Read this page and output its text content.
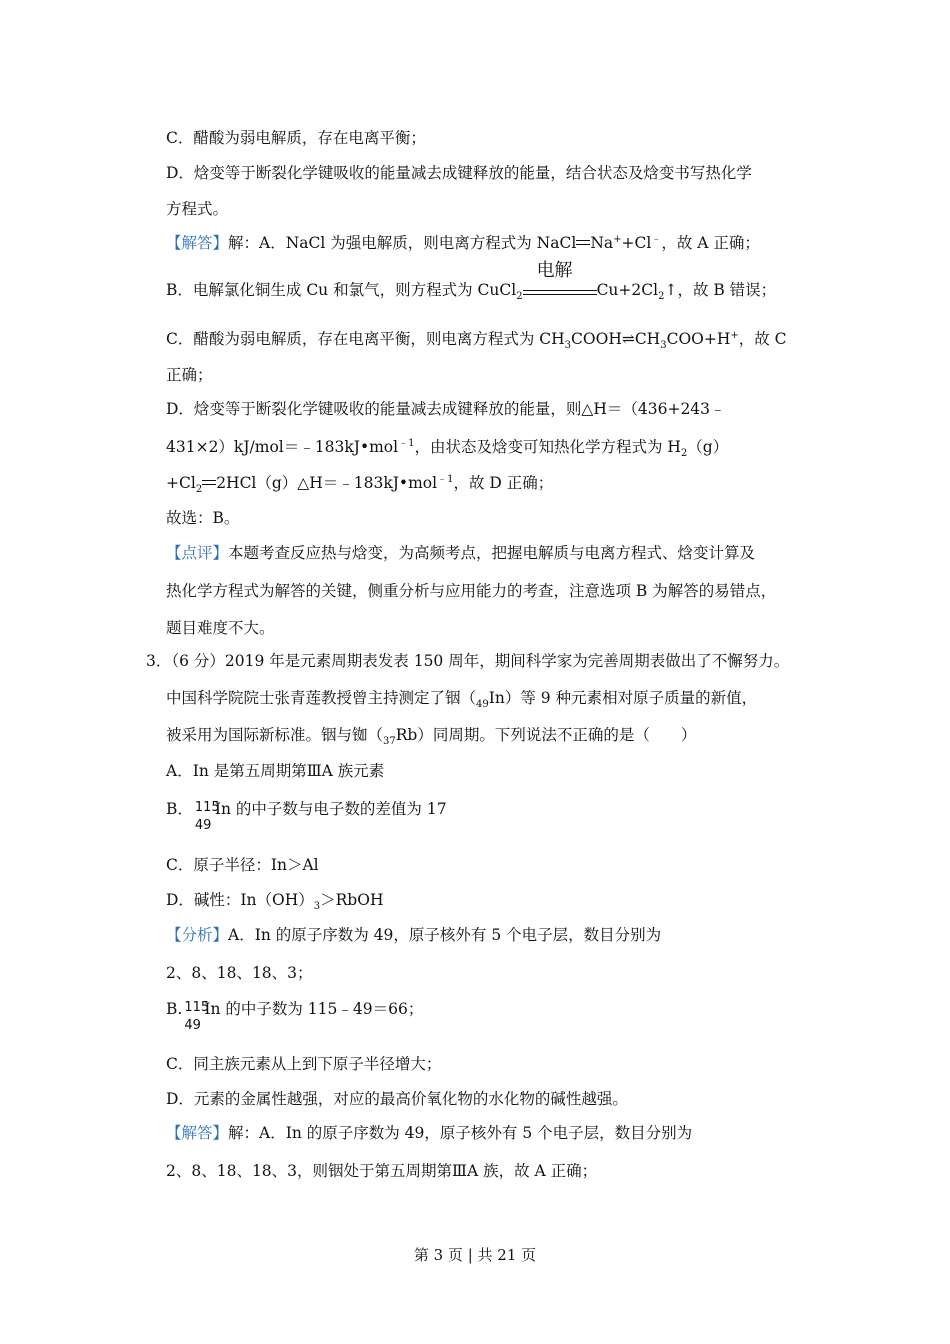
C．醋酸为弱电解质，存在电离平衡；
D．焓变等于断裂化学键吸收的能量减去成键释放的能量，结合状态及焓变书写热化学
方程式。
【解答】解：A．NaCl 为强电解质，则电离方程式为 NaCl Na++Cl﹣，故 A 正确；
B．电解氯化铜生成 Cu 和氯气，则方程式为 CuCl$_2$
电解
$Cu+2Cl_2↑$，故 B 错误；
C．醋酸为弱电解质，存在电离平衡，则电离方程式为 $CH_3COOH\rightleftharpoons CH_3COO+H^+$，故 C
正确；
D．焓变等于断裂化学键吸收的能量减去成键释放的能量，则△H＝（436+243﹣
431×2）kJ/mol＝﹣183kJ•mol$^{﹣1}$，由状态及焓变可知热化学方程式为 $H_2(g)$
$+Cl_2$ 2HCl（g）△H＝﹣183kJ•mol$^{﹣1}$，故 D 正确；
故选：B。
【点评】本题考查反应热与焓变，为高频考点，把握电解质与电离方程式、焓变计算及
热化学方程式为解答的关键，侧重分析与应用能力的考查，注意选项 B 为解答的易错点，
题目难度不大。
3．（6 分）2019 年是元素周期表发表 150 周年，期间科学家为完善周期表做出了不懈努力。
中国科学院院士张青莲教授曾主持测定了铟$(_{49}In)$等 9 种元素相对原子质量的新值，
被采用为国际新标准。铟与铷$(_{37}Rb)$同周期。下列说法不正确的是（　　）
A．In 是第五周期第ⅢA 族元素
B． 115
49
In 的中子数与电子数的差值为 17
C．原子半径：In＞Al
D．碱性：$In(OH)_3>RbOH$
【分析】A．In 的原子序数为 49，原子核外有 5 个电子层，数目分别为
2、8、18、18、3；
B. 115
49
In 的中子数为 115﹣49＝66；
C．同主族元素从上到下原子半径增大；
D．元素的金属性越强，对应的最高价氧化物的水化物的碱性越强。
【解答】解：A．In 的原子序数为 49，原子核外有 5 个电子层，数目分别为
2、8、18、18、3，则铟处于第五周期第ⅢA 族，故 A 正确；
第 3 页 | 共 21 页
